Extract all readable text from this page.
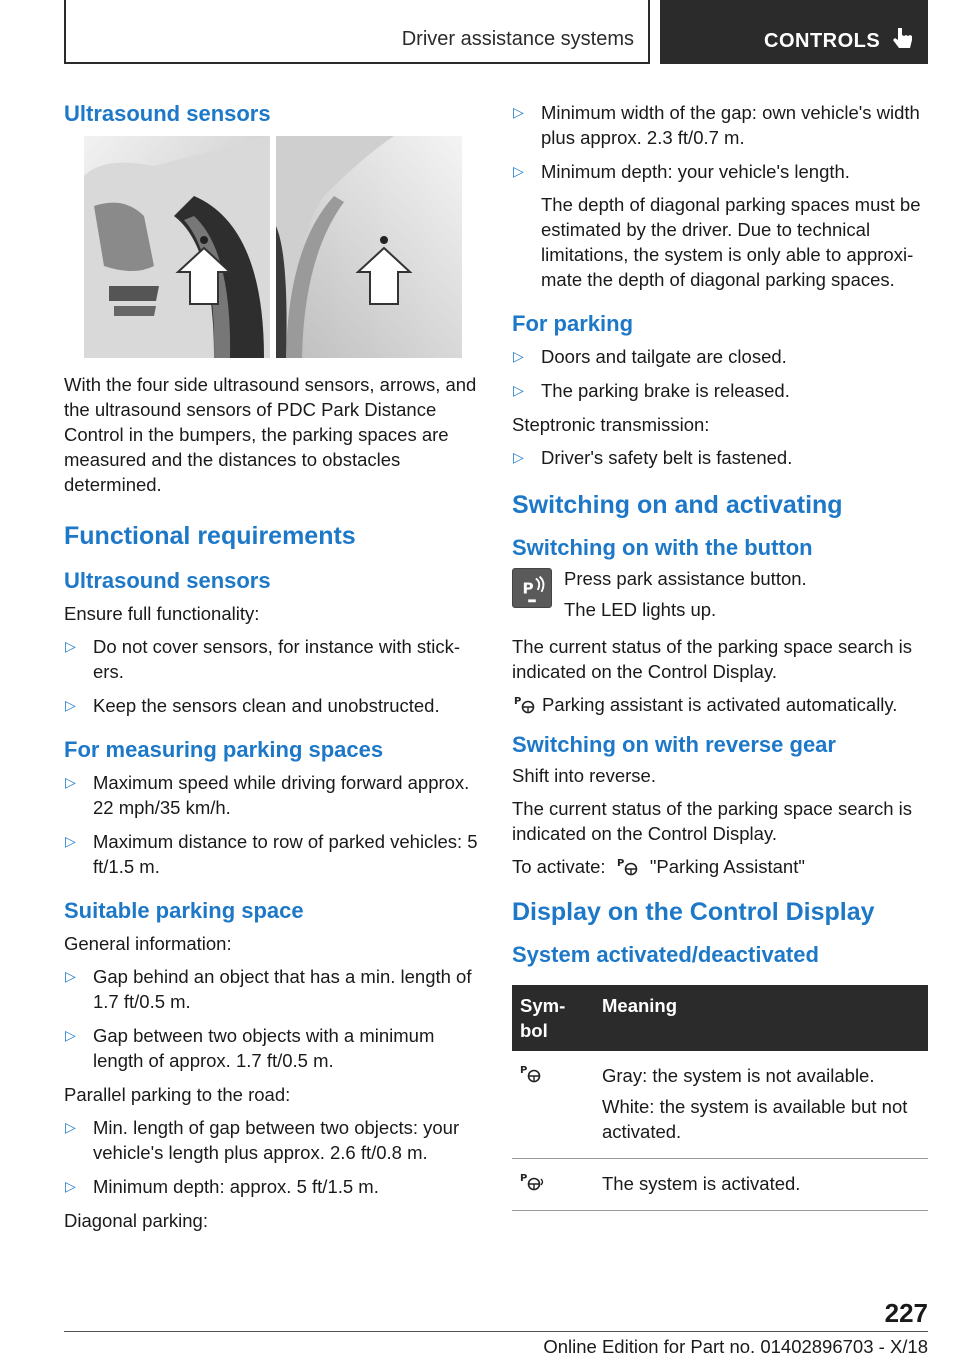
Driver assistance systems	CONTROLS
Ultrasound sensors

With the four side ultrasound sensors, arrows, and the ultrasound sensors of PDC Park Distance Control in the bumpers, the parking spaces are measured and the distances to obstacles determined.

Functional requirements
Ultrasound sensors

Ensure full functionality:

▷ Do not cover sensors, for instance with stickers.
▷ Keep the sensors clean and unobstructed.
For measuring parking spaces
▷ Maximum speed while driving forward approx. 22 mph/35 km/h.
▷ Maximum distance to row of parked vehicles: 5 ft/1.5 m.
Suitable parking space

General information:

▷ Gap behind an object that has a min. length of 1.7 ft/0.5 m.
▷ Gap between two objects with a minimum length of approx. 1.7 ft/0.5 m.

Parallel parking to the road:

▷ Min. length of gap between two objects: your vehicle's length plus approx. 2.6 ft/0.8 m.
▷ Minimum depth: approx. 5 ft/1.5 m.

Diagonal parking:

▷ Minimum width of the gap: own vehicle's width plus approx. 2.3 ft/0.7 m.
▷ Minimum depth: your vehicle's length.
The depth of diagonal parking spaces must be estimated by the driver. Due to technical limitations, the system is only able to approximate the depth of diagonal parking spaces.
For parking
▷ Doors and tailgate are closed.
▷ The parking brake is released.

Steptronic transmission:

▷ Driver's safety belt is fastened.
Switching on and activating
Switching on with the button
P Press park assistance button.

The LED lights up.

The current status of the parking space search is indicated on the Control Display.

P Parking assistant is activated automatically.

Switching on with reverse gear

Shift into reverse.

The current status of the parking space search is indicated on the Control Display.

To activate: P "Parking Assistant"

Display on the Control Display
System activated/deactivated
Symbol	Meaning

P	Gray: the system is not available.

White: the system is available but not activated.

P	The system is activated.

227
Online Edition for Part no. 01402896703 - X/18
